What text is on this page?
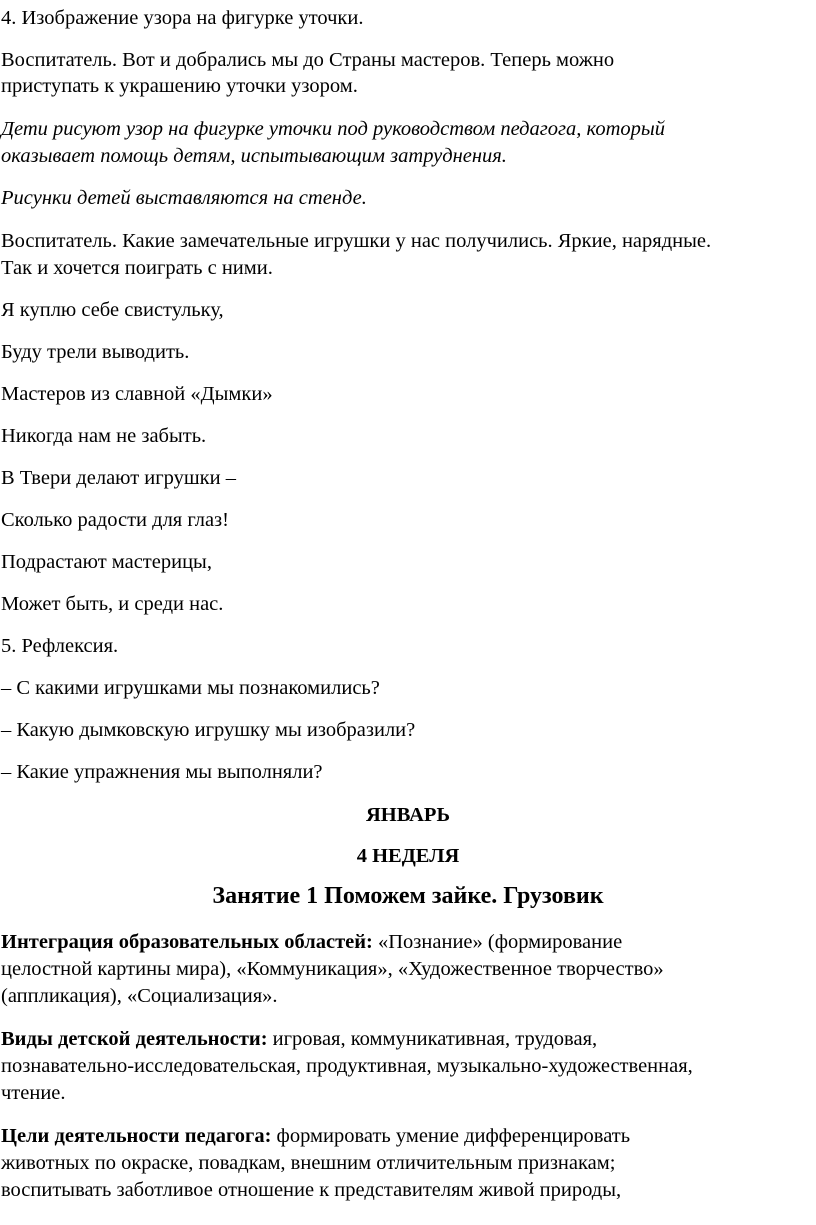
4. Изображение узора на фигурке уточки.

Воспитатель. Вот и добрались мы до Страны мастеров. Теперь можно

приступать к украшению уточки узором.

Дети рисуют узор на фигурке уточки под руководством педагога, который

оказывает помощь детям, испытывающим затруднения.

Рисунки детей выставляются на стенде.

Воспитатель. Какие замечательные игрушки у нас получились. Яркие, нарядные.

Так и хочется поиграть с ними.

Я куплю себе свистульку,

Буду трели выводить.

Мастеров из славной «Дымки»

Никогда нам не забыть.

В Твери делают игрушки –

Сколько радости для глаз!

Подрастают мастерицы,

Может быть, и среди нас.

5. Рефлексия.

– С какими игрушками мы познакомились?

– Какую дымковскую игрушку мы изобразили?

– Какие упражнения мы выполняли?

ЯНВАРЬ

4 НЕДЕЛЯ

Занятие 1 Поможем зайке. Грузовик

Интеграция образовательных областей: «Познание» (формирование

целостной картины мира), «Коммуникация», «Художественное творчество»

(аппликация), «Социализация».

Виды детской деятельности: игровая, коммуникативная, трудовая,

познавательно-исследовательская, продуктивная, музыкально-художественная,

чтение.

Цели деятельности педагога: формировать умение дифференцировать

животных по окраске, повадкам, внешним отличительным признакам;

воспитывать заботливое отношение к представителям живой природы,
